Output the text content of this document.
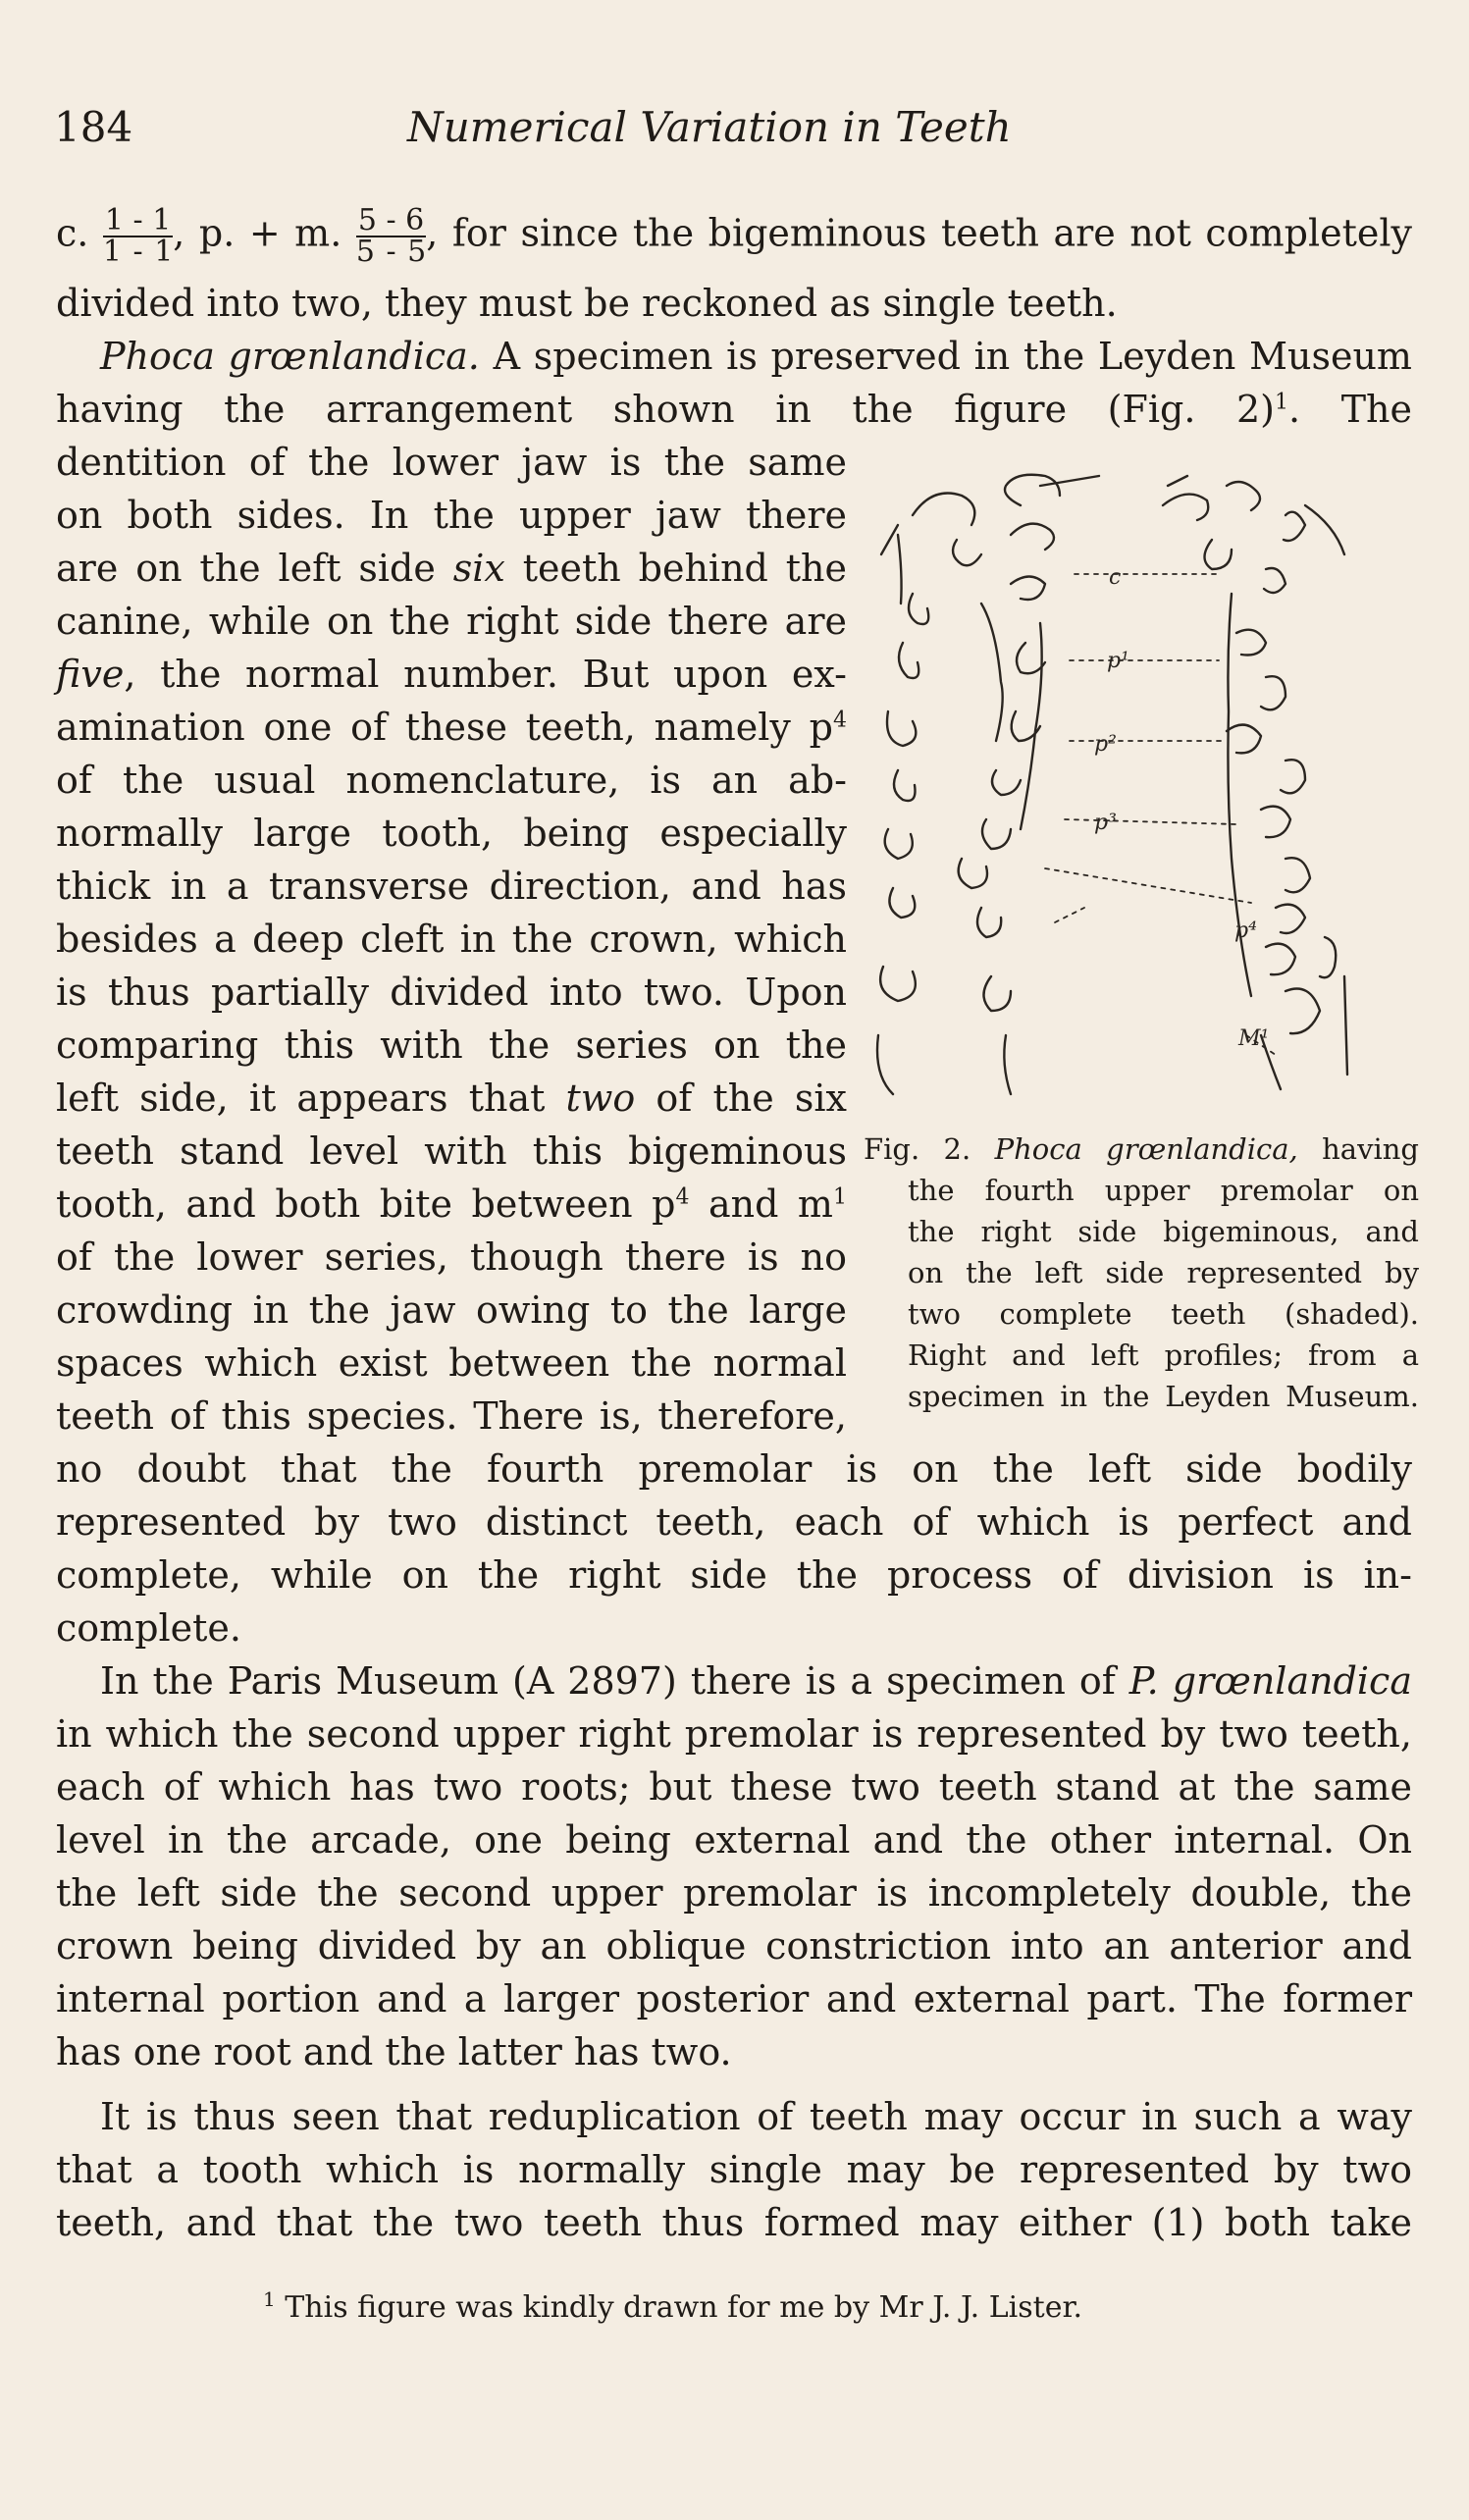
184	Numerical Variation in Teeth
c. $\frac{1 - 1}{1 - 1}$ , p. + m. $\frac{5 - 6}{5 - 5}$ , for since the bigeminous teeth are not completely
divided into two, they must be reckoned as single teeth.
Phoca grœnlandica. A specimen is preserved in the Leyden Museum
having the arrangement shown in the figure (Fig. 2)$^1$. The
dentition of the lower jaw is the same
on both sides. In the upper jaw there
are on the left side six teeth behind the
canine, while on the right side there are
five, the normal number. But upon ex-
amination one of these teeth, namely $p^4$
of the usual nomenclature, is an ab-
normally large tooth, being especially
thick in a transverse direction, and has
besides a deep cleft in the crown, which
is thus partially divided into two. Upon
comparing this with the series on the
left side, it appears that two of the six
teeth stand level with this bigeminous
tooth, and both bite between $p^4$ and $m^1$
of the lower series, though there is no
crowding in the jaw owing to the large
spaces which exist between the normal
teeth of this species. There is, therefore,
no doubt that the fourth premolar is on the left side bodily
represented by two distinct teeth, each of which is perfect and
complete, while on the right side the process of division is in-
complete.
In the Paris Museum (A 2897) there is a specimen of P. grœnlandica
in which the second upper right premolar is represented by two teeth,
each of which has two roots; but these two teeth stand at the same
level in the arcade, one being external and the other internal. On
the left side the second upper premolar is incompletely double, the
crown being divided by an oblique constriction into an anterior and
internal portion and a larger posterior and external part. The former
has one root and the latter has two.
It is thus seen that reduplication of teeth may occur in such a way
that a tooth which is normally single may be represented by two
teeth, and that the two teeth thus formed may either (1) both take
c
p¹
p²
p³
p⁴
M¹
Fig. 2. Phoca grœnlandica, having
the fourth upper premolar on
the right side bigeminous, and
on the left side represented by
two complete teeth (shaded).
Right and left profiles; from a
specimen in the Leyden Museum.
$^1$ This figure was kindly drawn for me by Mr J. J. Lister.
